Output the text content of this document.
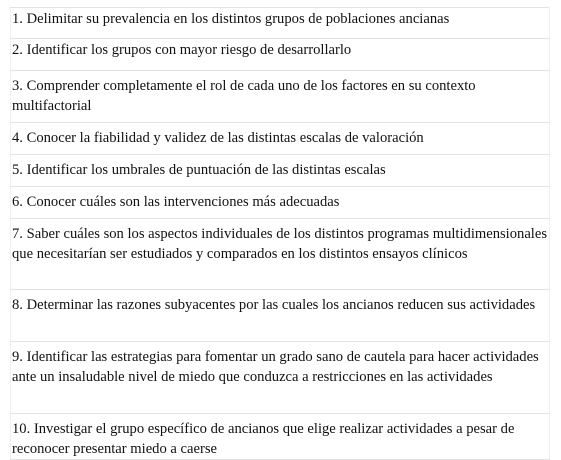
1. Delimitar su prevalencia en los distintos grupos de poblaciones ancianas
2. Identificar los grupos con mayor riesgo de desarrollarlo
3. Comprender completamente el rol de cada uno de los factores en su contexto multifactorial
4. Conocer la fiabilidad y validez de las distintas escalas de valoración
5. Identificar los umbrales de puntuación de las distintas escalas
6. Conocer cuáles son las intervenciones más adecuadas
7. Saber cuáles son los aspectos individuales de los distintos programas multidimensionales que necesitarían ser estudiados y comparados en los distintos ensayos clínicos
8. Determinar las razones subyacentes por las cuales los ancianos reducen sus actividades
9. Identificar las estrategias para fomentar un grado sano de cautela para hacer actividades ante un insaludable nivel de miedo que conduzca a restricciones en las actividades
10. Investigar el grupo específico de ancianos que elige realizar actividades a pesar de reconocer presentar miedo a caerse
